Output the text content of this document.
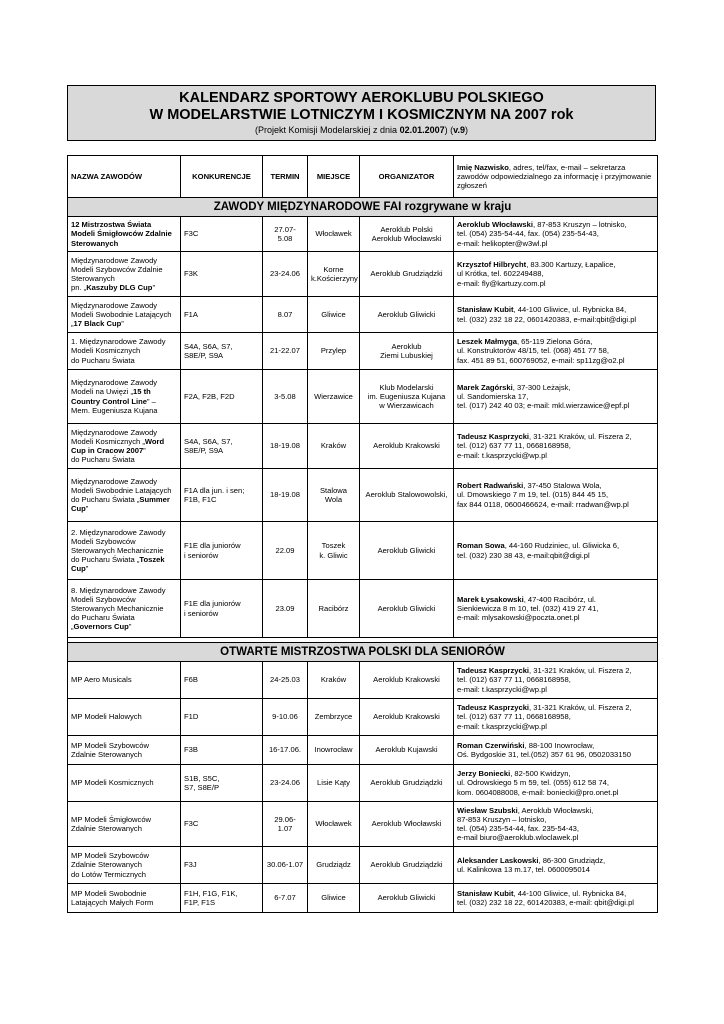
KALENDARZ SPORTOWY AEROKLUBU POLSKIEGO
W MODELARSTWIE LOTNICZYM I KOSMICZNYM NA 2007 rok
(Projekt Komisji Modelarskiej z dnia 02.01.2007) (v.9)
NAZWA ZAWODÓW	KONKURENCJE	TERMIN	MIEJSCE	ORGANIZATOR	Imię Nazwisko, adres, tel/fax, e-mail – sekretarza zawodów odpowiedzialnego za informację i przyjmowanie zgłoszeń
ZAWODY MIĘDZYNARODOWE FAI rozgrywane w kraju					
12 Mistrzostwa Świata
Modeli Śmigłowców Zdalnie
Sterowanych	F3C	27.07-
5.08	Włocławek	Aeroklub Polski
Aeroklub Włocławski	Aeroklub Włocławski, 87-853 Kruszyn – lotnisko,
tel. (054) 235-54-44, fax. (054) 235-54-43,
e-mail: helikopter@w3wl.pl
Międzynarodowe Zawody
Modeli Szybowców Zdalnie
Sterowanych
pn. „Kaszuby DLG Cup”	F3K	23-24.06	Korne
k.Kościerzyny	Aeroklub Grudziądzki	Krzysztof Hilbrycht, 83.300 Kartuzy, Łapalice,
ul Krótka, tel. 602249488,
e-mail: fly@kartuzy.com.pl
Międzynarodowe Zawody
Modeli Swobodnie Latających
„17 Black Cup”	F1A	8.07	Gliwice	Aeroklub Gliwicki	Stanisław Kubit, 44-100 Gliwice, ul. Rybnicka 84,
tel. (032) 232 18 22, 0601420383, e-mail:qbit@digi.pl
1. Międzynarodowe Zawody
Modeli Kosmicznych
do Pucharu Świata	S4A, S6A, S7,
S8E/P, S9A	21-22.07	Przylep	Aeroklub
Ziemi Lubuskiej	Leszek Małmyga, 65-119 Zielona Góra,
ul. Konstruktorów 48/15, tel. (068) 451 77 58,
fax. 451 89 51, 600769052, e-mail: sp11zg@o2.pl
Międzynarodowe Zawody
Modeli na Uwięzi „15 th
Country Control Line” –
Mem. Eugeniusza Kujana	F2A, F2B, F2D	3-5.08	Wierzawice	Klub Modelarski
im. Eugeniusza Kujana
w Wierzawicach	Marek Zagórski, 37-300 Leżajsk,
ul. Sandomierska 17,
tel. (017) 242 40 03; e-mail: mkl.wierzawice@epf.pl
Międzynarodowe Zawody
Modeli Kosmicznych „Word
Cup in Cracow 2007”
do Pucharu Świata	S4A, S6A, S7,
S8E/P, S9A	18-19.08	Kraków	Aeroklub Krakowski	Tadeusz Kasprzycki, 31-321 Kraków, ul. Fiszera 2,
tel. (012) 637 77 11, 0668168958,
e-mail: t.kasprzycki@wp.pl
Międzynarodowe Zawody
Modeli Swobodnie Latających
do Pucharu Świata „Summer
Cup”	F1A dla jun. i sen;
F1B, F1C	18-19.08	Stalowa Wola	Aeroklub Stalowowolski,	Robert Radwański, 37-450 Stalowa Wola,
ul. Dmowskiego 7 m 19, tel. (015) 844 45 15,
fax 844 0118, 0600466624, e-mail: rradwan@wp.pl
2. Międzynarodowe Zawody
Modeli Szybowców
Sterowanych Mechanicznie
do Pucharu Świata „Toszek
Cup”	F1E dla juniorów
i seniorów	22.09	Toszek
k. Gliwic	Aeroklub Gliwicki	Roman Sowa, 44-160 Rudziniec, ul. Gliwicka 6,
tel. (032) 230 38 43, e-mail:qbit@digi.pl
8. Międzynarodowe Zawody
Modeli Szybowców
Sterowanych Mechanicznie
do Pucharu Świata
„Governors Cup”	F1E dla juniorów
i seniorów	23.09	Racibórz	Aeroklub Gliwicki	Marek Łysakowski, 47-400 Racibórz, ul.
Sienkiewicza 8 m 10, tel. (032) 419 27 41,
e-mail: mlysakowski@poczta.onet.pl

OTWARTE MISTRZOSTWA POLSKI DLA SENIORÓW					
MP Aero Musicals	F6B	24-25.03	Kraków	Aeroklub Krakowski	Tadeusz Kasprzycki, 31-321 Kraków, ul. Fiszera 2,
tel. (012) 637 77 11, 0668168958,
e-mail: t.kasprzycki@wp.pl
MP Modeli Halowych	F1D	9-10.06	Zembrzyce	Aeroklub Krakowski	Tadeusz Kasprzycki, 31-321 Kraków, ul. Fiszera 2,
tel. (012) 637 77 11, 0668168958,
e-mail: t.kasprzycki@wp.pl
MP Modeli Szybowców
Zdalnie Sterowanych	F3B	16-17.06.	Inowrocław	Aeroklub Kujawski	Roman Czerwiński, 88-100 Inowrocław,
Oś. Bydgoskie 31, tel.(052) 357 61 96, 0502033150
MP Modeli Kosmicznych	S1B, S5C,
S7, S8E/P	23-24.06	Lisie Kąty	Aeroklub Grudziądzki	Jerzy Boniecki, 82-500 Kwidzyn,
ul. Odrowskiego 5 m 59, tel. (055) 612 58 74,
kom. 0604088008, e-mail: boniecki@pro.onet.pl
MP Modeli Śmigłowców
Zdalnie Sterowanych	F3C	29.06-
1.07	Włocławek	Aeroklub Włocławski	Wiesław Szubski, Aeroklub Włocławski,
87-853 Kruszyn – lotnisko,
tel. (054) 235-54-44, fax. 235-54-43,
e-mail biuro@aeroklub.wloclawek.pl
MP Modeli Szybowców
Zdalnie Sterowanych
do Lotów Termicznych	F3J	30.06-1.07	Grudziądz	Aeroklub Grudziądzki	Aleksander Laskowski, 86-300 Grudziądz,
ul. Kalinkowa 13 m.17, tel. 0600095014
MP Modeli Swobodnie
Latających Małych Form	F1H, F1G, F1K,
F1P, F1S	6-7.07	Gliwice	Aeroklub Gliwicki	Stanisław Kubit, 44-100 Gliwice, ul. Rybnicka 84,
tel. (032) 232 18 22, 601420383, e-mail: qbit@digi.pl
